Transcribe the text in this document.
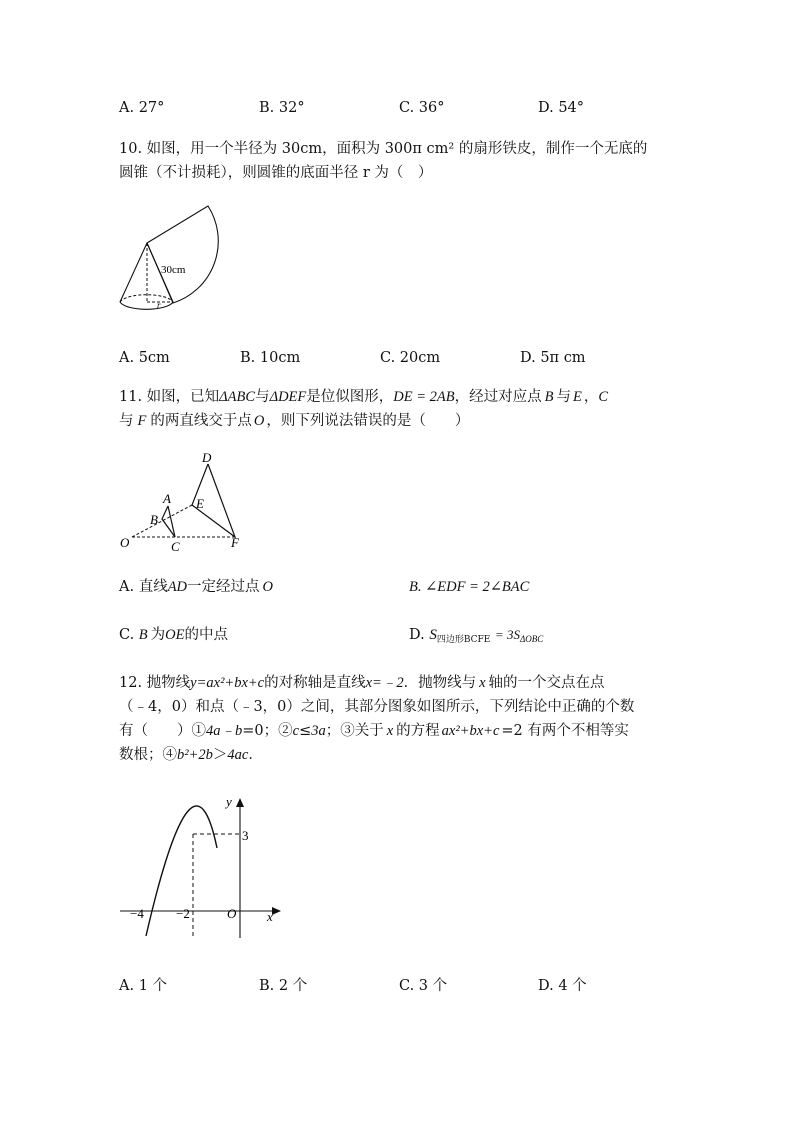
A. 27°	B. 32°	C. 36°	D. 54°
10. 如图，用一个半径为 30cm，面积为 300π cm² 的扇形铁皮，制作一个无底的
圆锥（不计损耗），则圆锥的底面半径 r 为（　）
30cm
r
A. 5cm	B. 10cm	C. 20cm	D. 5π cm
11. 如图，已知ΔABC与ΔDEF是位似图形，DE = 2AB，经过对应点 B 与 E ，C
与 F 的两直线交于点 O ，则下列说法错误的是（　　）
D
A E
B
O	C	F
A. 直线AD一定经过点 O	B. ∠EDF = 2∠BAC
C. B 为OE的中点	D. $S_{四边形BCFE} = 3S_{\Delta OBC}$
12. 抛物线y=ax²+bx+c的对称轴是直线x=﹣2．抛物线与 x 轴的一个交点在点
（﹣4，0）和点（﹣3，0）之间，其部分图象如图所示，下列结论中正确的个数
有（　　）①4a﹣b=0；②c≤3a；③关于 x 的方程 ax²+bx+c =2 有两个不相等实
数根；④b²+2b＞4ac．
y
x
3
O
−4 −2
A. 1 个	B. 2 个	C. 3 个	D. 4 个
